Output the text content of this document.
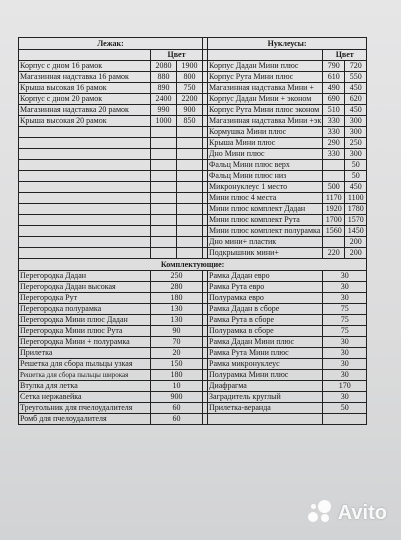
Лежак:				Нуклеусы:		
	Цвет				Цвет	
Корпус с дном 16 рамок	2080	1900		Корпус Дадан Мини плюс	790	720
Магазинная надставка 16 рамок	880	800		Корпус Рута Мини плюс	610	550
Крыша высокая 16 рамок	890	750		Магазинная надставка Мини +	490	450
Корпус с дном 20 рамок	2400	2200		Корпус Дадан Мини + эконом	690	620
Магазинная надставка 20 рамок	990	900		Корпус Рута Мини плюс эконом	510	450
Крыша высокая 20 рамок	1000	850		Магазинная надставка Мини +эк	330	300
				Кормушка Мини плюс	330	300
				Крыша Мини плюс	290	250
				Дно Мини плюс	330	300
				Фальц Мини плюс верх		50
				Фальц Мини плюс низ		50
				Микронуклеус 1 место	500	450
				Мини плюс 4 места	1170	1100
				Мини плюс комплект Дадан	1920	1780
				Мини плюс комплект Рута	1700	1570
				Мини плюс комплект полурамка	1560	1450
				Дно мини+ пластик		200
				Подкрышник мини+	220	200
Комплектующие:						
Перегородка Дадан	250			Рамка Дадан евро	30	
Перегородка Дадан высокая	280			Рамка Рута евро	30	
Перегородка Рут	180			Полурамка евро	30	
Перегородка полурамка	130			Рамка Дадан в сборе	75	
Перегородка Мини плюс Дадан	130			Рамка Рута в сборе	75	
Перегородка Мини плюс Рута	90			Полурамка в сборе	75	
Перегородка Мини + полурамка	70			Рамка Дадан Мини плюс	30	
Прилетка	20			Рамка Рута Мини плюс	30	
Решетка для сбора пыльцы узкая	150			Рамка микронуклеус	30	
Решетка для сбора пыльцы широкая	180			Полурамка Мини плюс	30	
Втулка для летка	10			Диафрагма	170	
Сетка нержавейка	900			Заградитель круглый	30	
Треугольник для пчелоудалителя	60			Прилетка-веранда	50	
Ромб для пчелоудалителя	60					
Avito
